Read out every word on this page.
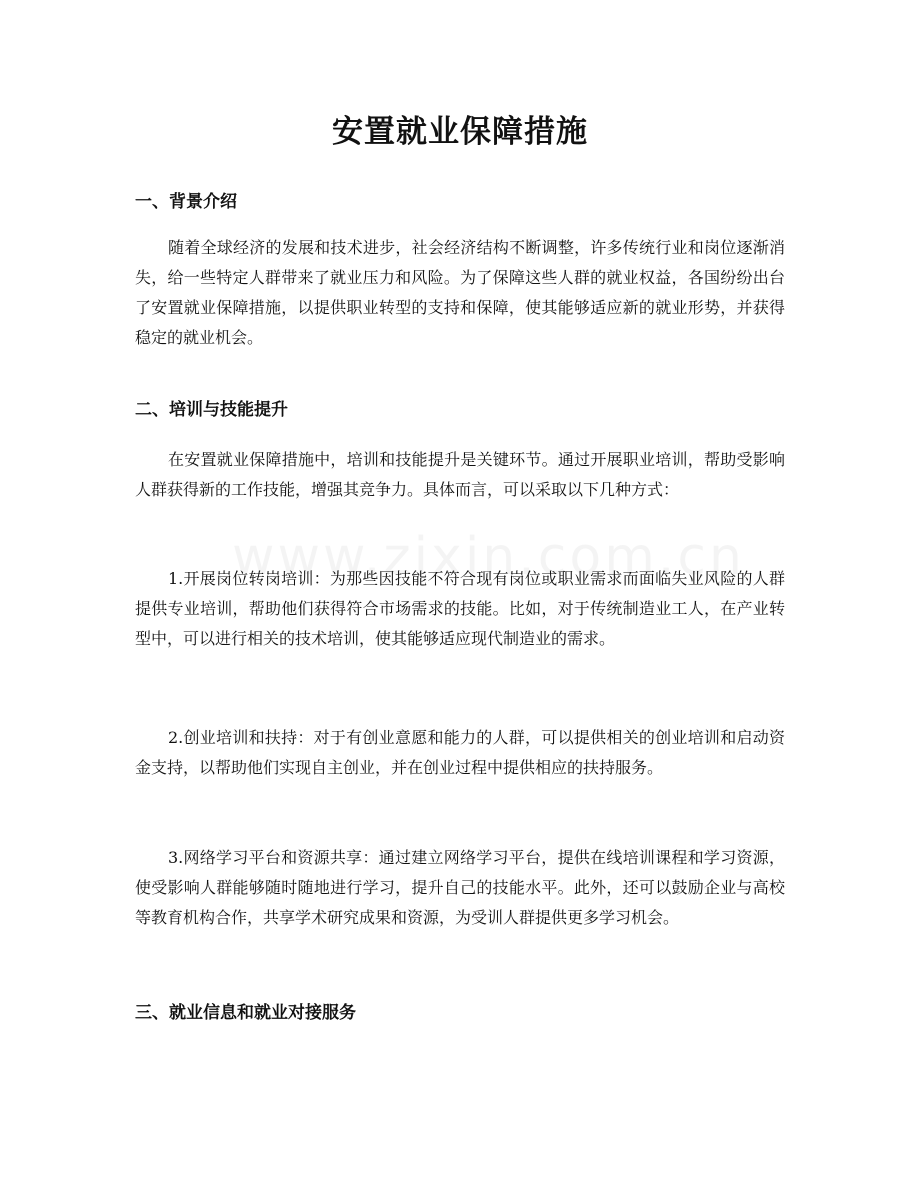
安置就业保障措施
一、背景介绍

随着全球经济的发展和技术进步，社会经济结构不断调整，许多传统行业和岗位逐渐消失，给一些特定人群带来了就业压力和风险。为了保障这些人群的就业权益，各国纷纷出台了安置就业保障措施，以提供职业转型的支持和保障，使其能够适应新的就业形势，并获得稳定的就业机会。

二、培训与技能提升

在安置就业保障措施中，培训和技能提升是关键环节。通过开展职业培训，帮助受影响人群获得新的工作技能，增强其竞争力。具体而言，可以采取以下几种方式：

1.开展岗位转岗培训：为那些因技能不符合现有岗位或职业需求而面临失业风险的人群提供专业培训，帮助他们获得符合市场需求的技能。比如，对于传统制造业工人，在产业转型中，可以进行相关的技术培训，使其能够适应现代制造业的需求。

2.创业培训和扶持：对于有创业意愿和能力的人群，可以提供相关的创业培训和启动资金支持，以帮助他们实现自主创业，并在创业过程中提供相应的扶持服务。

3.网络学习平台和资源共享：通过建立网络学习平台，提供在线培训课程和学习资源，使受影响人群能够随时随地进行学习，提升自己的技能水平。此外，还可以鼓励企业与高校等教育机构合作，共享学术研究成果和资源，为受训人群提供更多学习机会。

三、就业信息和就业对接服务
